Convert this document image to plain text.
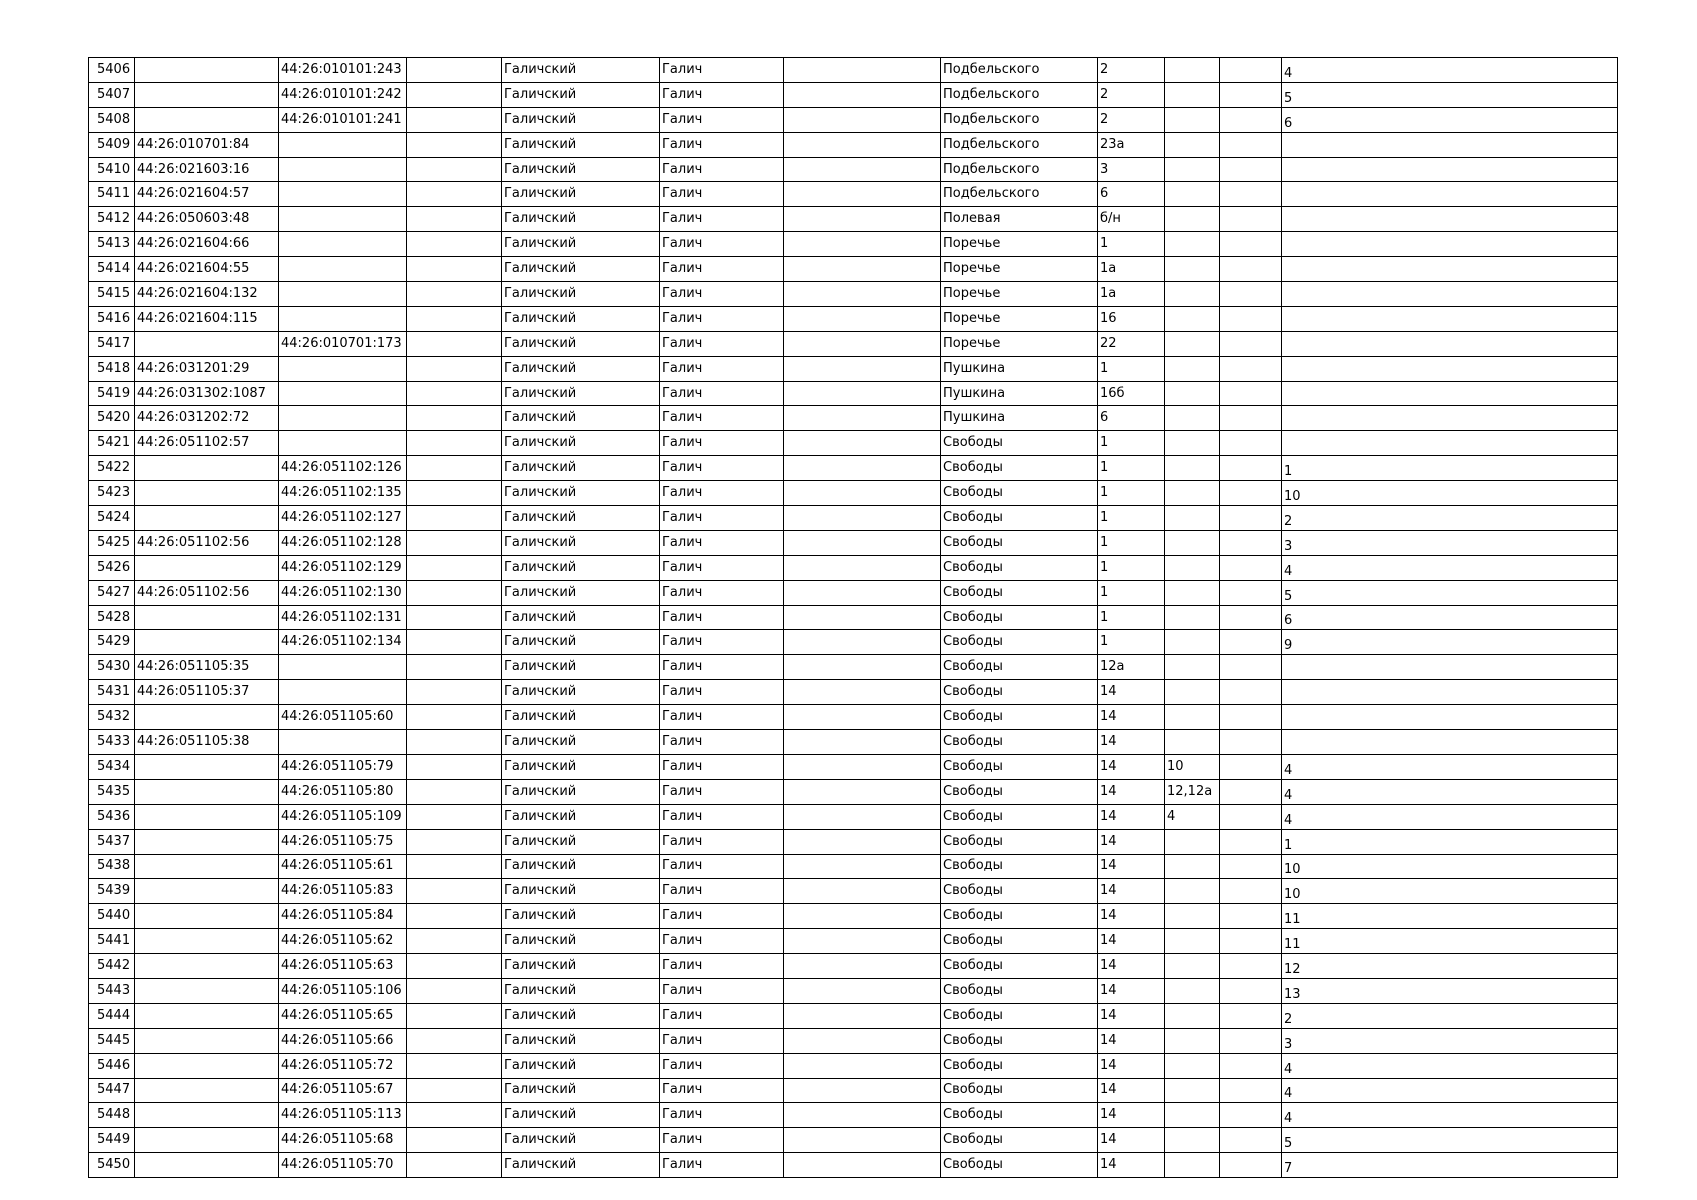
5406		44:26:010101:243		Галичский	Галич		Подбельского	2			4
5407		44:26:010101:242		Галичский	Галич		Подбельского	2			5
5408		44:26:010101:241		Галичский	Галич		Подбельского	2			6
5409	44:26:010701:84			Галичский	Галич		Подбельского	23а			
5410	44:26:021603:16			Галичский	Галич		Подбельского	3			
5411	44:26:021604:57			Галичский	Галич		Подбельского	6			
5412	44:26:050603:48			Галичский	Галич		Полевая	б/н			
5413	44:26:021604:66			Галичский	Галич		Поречье	1			
5414	44:26:021604:55			Галичский	Галич		Поречье	1а			
5415	44:26:021604:132			Галичский	Галич		Поречье	1а			
5416	44:26:021604:115			Галичский	Галич		Поречье	16			
5417		44:26:010701:173		Галичский	Галич		Поречье	22			
5418	44:26:031201:29			Галичский	Галич		Пушкина	1			
5419	44:26:031302:1087			Галичский	Галич		Пушкина	16б			
5420	44:26:031202:72			Галичский	Галич		Пушкина	6			
5421	44:26:051102:57			Галичский	Галич		Свободы	1			
5422		44:26:051102:126		Галичский	Галич		Свободы	1			1
5423		44:26:051102:135		Галичский	Галич		Свободы	1			10
5424		44:26:051102:127		Галичский	Галич		Свободы	1			2
5425	44:26:051102:56	44:26:051102:128		Галичский	Галич		Свободы	1			3
5426		44:26:051102:129		Галичский	Галич		Свободы	1			4
5427	44:26:051102:56	44:26:051102:130		Галичский	Галич		Свободы	1			5
5428		44:26:051102:131		Галичский	Галич		Свободы	1			6
5429		44:26:051102:134		Галичский	Галич		Свободы	1			9
5430	44:26:051105:35			Галичский	Галич		Свободы	12а			
5431	44:26:051105:37			Галичский	Галич		Свободы	14			
5432		44:26:051105:60		Галичский	Галич		Свободы	14			
5433	44:26:051105:38			Галичский	Галич		Свободы	14			
5434		44:26:051105:79		Галичский	Галич		Свободы	14	10		4
5435		44:26:051105:80		Галичский	Галич		Свободы	14	12,12а		4
5436		44:26:051105:109		Галичский	Галич		Свободы	14	4		4
5437		44:26:051105:75		Галичский	Галич		Свободы	14			1
5438		44:26:051105:61		Галичский	Галич		Свободы	14			10
5439		44:26:051105:83		Галичский	Галич		Свободы	14			10
5440		44:26:051105:84		Галичский	Галич		Свободы	14			11
5441		44:26:051105:62		Галичский	Галич		Свободы	14			11
5442		44:26:051105:63		Галичский	Галич		Свободы	14			12
5443		44:26:051105:106		Галичский	Галич		Свободы	14			13
5444		44:26:051105:65		Галичский	Галич		Свободы	14			2
5445		44:26:051105:66		Галичский	Галич		Свободы	14			3
5446		44:26:051105:72		Галичский	Галич		Свободы	14			4
5447		44:26:051105:67		Галичский	Галич		Свободы	14			4
5448		44:26:051105:113		Галичский	Галич		Свободы	14			4
5449		44:26:051105:68		Галичский	Галич		Свободы	14			5
5450		44:26:051105:70		Галичский	Галич		Свободы	14			7
